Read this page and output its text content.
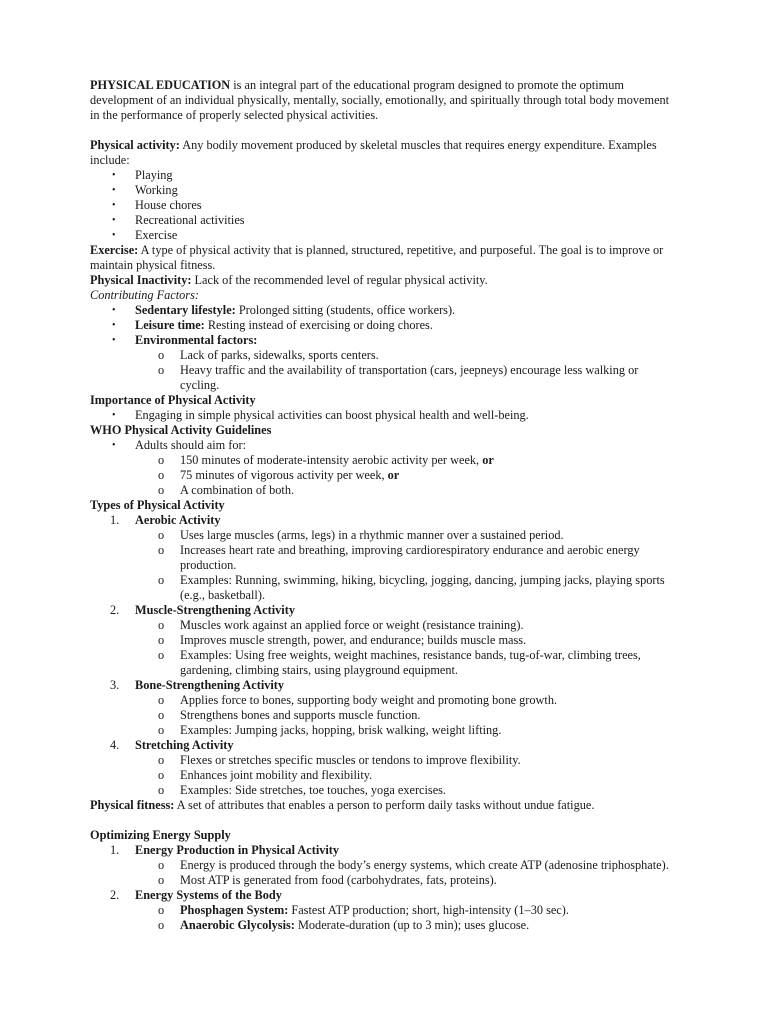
PHYSICAL EDUCATION is an integral part of the educational program designed to promote the optimum development of an individual physically, mentally, socially, emotionally, and spiritually through total body movement in the performance of properly selected physical activities.

Physical activity: Any bodily movement produced by skeletal muscles that requires energy expenditure. Examples include:

•	Playing
•	Working
•	House chores
•	Recreational activities
•	Exercise

Exercise: A type of physical activity that is planned, structured, repetitive, and purposeful. The goal is to improve or maintain physical fitness.

Physical Inactivity: Lack of the recommended level of regular physical activity.

Contributing Factors:

•	Sedentary lifestyle: Prolonged sitting (students, office workers).
•	Leisure time: Resting instead of exercising or doing chores.
•	Environmental factors:
o Lack of parks, sidewalks, sports centers.
o Heavy traffic and the availability of transportation (cars, jeepneys) encourage less walking or cycling.

Importance of Physical Activity

•	Engaging in simple physical activities can boost physical health and well-being.

WHO Physical Activity Guidelines

•	Adults should aim for:
o 150 minutes of moderate-intensity aerobic activity per week, or
o 75 minutes of vigorous activity per week, or
o A combination of both.

Types of Physical Activity

1.	Aerobic Activity
o Uses large muscles (arms, legs) in a rhythmic manner over a sustained period.
o Increases heart rate and breathing, improving cardiorespiratory endurance and aerobic energy production.
o Examples: Running, swimming, hiking, bicycling, jogging, dancing, jumping jacks, playing sports (e.g., basketball).
2.	Muscle-Strengthening Activity
o Muscles work against an applied force or weight (resistance training).
o Improves muscle strength, power, and endurance; builds muscle mass.
o Examples: Using free weights, weight machines, resistance bands, tug-of-war, climbing trees, gardening, climbing stairs, using playground equipment.
3.	Bone-Strengthening Activity
o Applies force to bones, supporting body weight and promoting bone growth.
o Strengthens bones and supports muscle function.
o Examples: Jumping jacks, hopping, brisk walking, weight lifting.
4.	Stretching Activity
o Flexes or stretches specific muscles or tendons to improve flexibility.
o Enhances joint mobility and flexibility.
o Examples: Side stretches, toe touches, yoga exercises.

Physical fitness: A set of attributes that enables a person to perform daily tasks without undue fatigue.

Optimizing Energy Supply

1.	Energy Production in Physical Activity
o Energy is produced through the body’s energy systems, which create ATP (adenosine triphosphate).
o Most ATP is generated from food (carbohydrates, fats, proteins).
2.	Energy Systems of the Body
o Phosphagen System: Fastest ATP production; short, high-intensity (1–30 sec).
o Anaerobic Glycolysis: Moderate-duration (up to 3 min); uses glucose.
